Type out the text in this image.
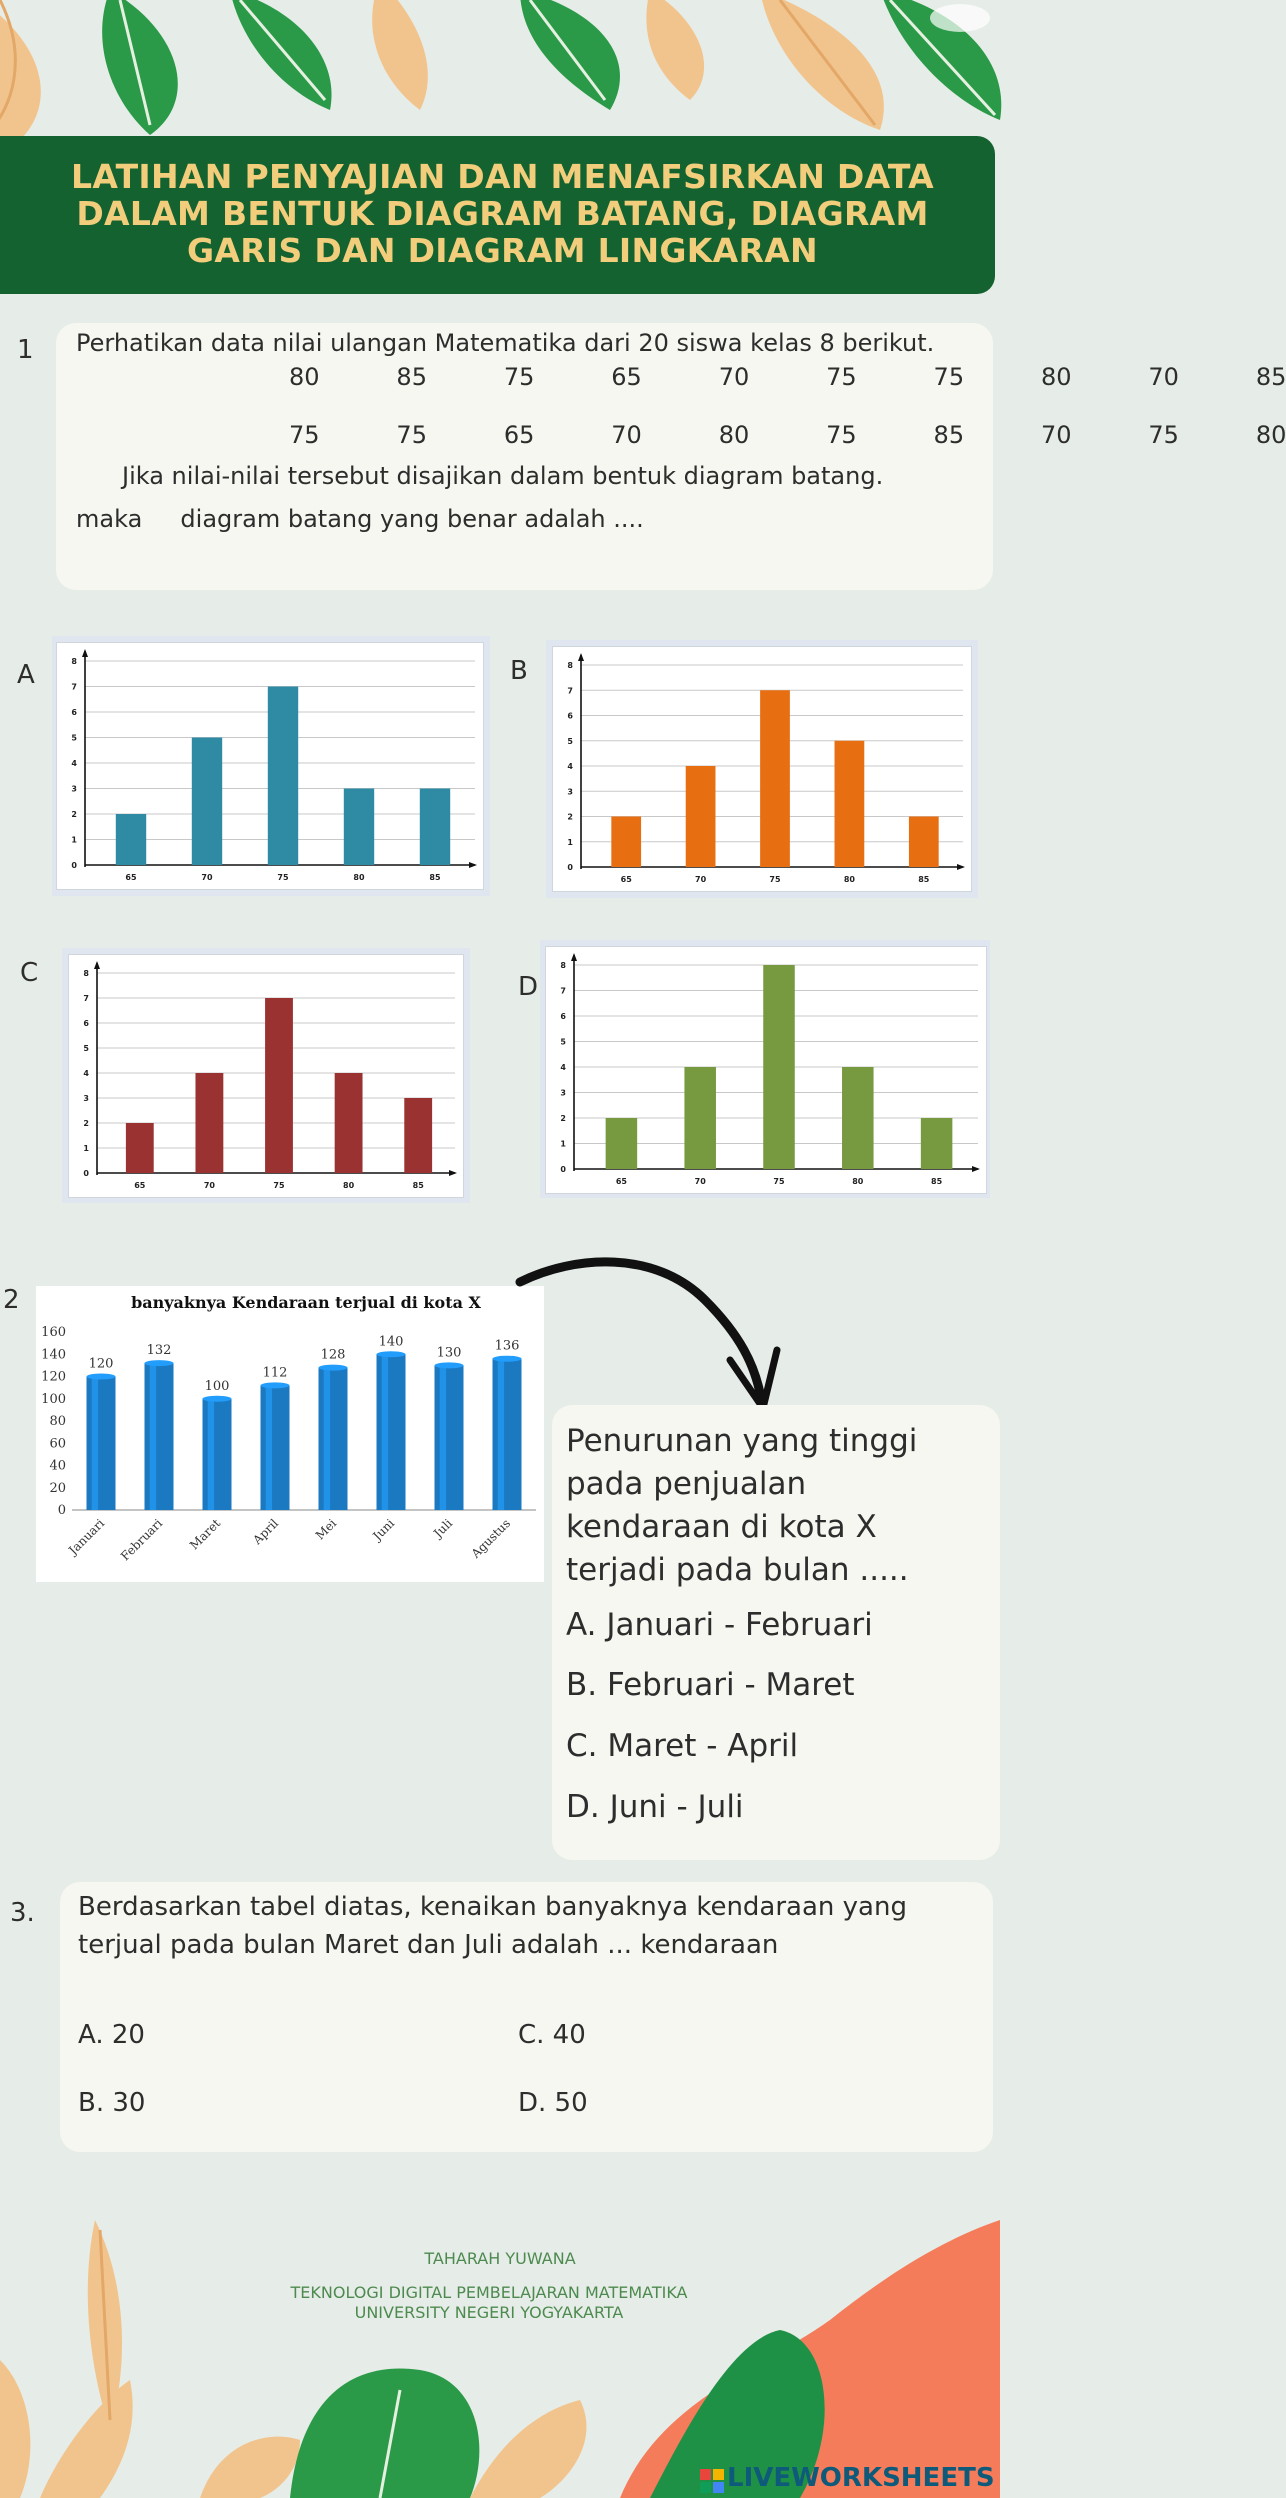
LATIHAN PENYAJIAN DAN MENAFSIRKAN DATA
DALAM BENTUK DIAGRAM BATANG, DIAGRAM
GARIS DAN DIAGRAM LINGKARAN
1 Perhatikan data nilai ulangan Matematika dari 20 siswa kelas 8 berikut.
80   85   75   65   70   75   75   80   70   85
75   75   65   70   80   75   85   70   75   80
Jika nilai-nilai tersebut disajikan dalam bentuk diagram batang.
maka     diagram batang yang benar adalah ....
A	B
C	D
0
1
2
3
4
5
6
7
8
65	70	75	80	85
0
1
2
3
4
5
6
7
8
65	70	75	80	85
0
1
2
3
4
5
6
7
8
65	70	75	80	85
0
1
2
3
4
5
6
7
8
65	70	75	80	85
2	banyaknya Kendaraan terjual di kota X
0
20
40
60
80
100
120
140
160
120
Januari
132
Februari
100
Maret
112
April
128
Mei
140
Juni
130
Juli
136
Agustus
Penurunan yang tinggi
pada penjualan
kendaraan di kota X
terjadi pada bulan .....
A. Januari - Februari
B. Februari - Maret
C. Maret - April
D. Juni - Juli
3. Berdasarkan tabel diatas, kenaikan banyaknya kendaraan yang
terjual pada bulan Maret dan Juli adalah ... kendaraan
A. 20	C. 40
B. 30	D. 50
TAHARAH YUWANA
TEKNOLOGI DIGITAL PEMBELAJARAN MATEMATIKA
UNIVERSITY NEGERI YOGYAKARTA
LIVEWORKSHEETS
